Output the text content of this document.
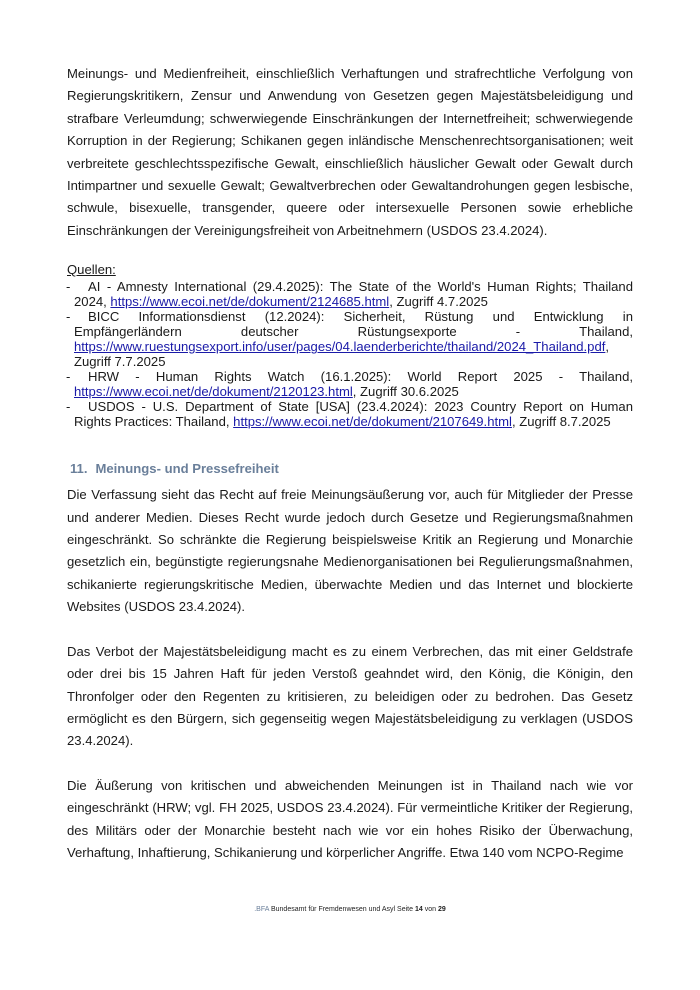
Meinungs- und Medienfreiheit, einschließlich Verhaftungen und strafrechtliche Verfolgung von Regierungskritikern, Zensur und Anwendung von Gesetzen gegen Majestätsbeleidigung und strafbare Verleumdung; schwerwiegende Einschränkungen der Internetfreiheit; schwerwiegende Korruption in der Regierung; Schikanen gegen inländische Menschenrechtsorganisationen; weit verbreitete geschlechtsspezifische Gewalt, einschließlich häuslicher Gewalt oder Gewalt durch Intimpartner und sexuelle Gewalt; Gewaltverbrechen oder Gewaltandrohungen gegen lesbische, schwule, bisexuelle, transgender, queere oder intersexuelle Personen sowie erhebliche Einschränkungen der Vereinigungsfreiheit von Arbeitnehmern (USDOS 23.4.2024).

Quellen:
- AI - Amnesty International (29.4.2025): The State of the World's Human Rights; Thailand 2024, https://www.ecoi.net/de/dokument/2124685.html, Zugriff 4.7.2025
- BICC Informationsdienst (12.2024): Sicherheit, Rüstung und Entwicklung in Empfängerländern deutscher Rüstungsexporte - Thailand, https://www.ruestungsexport.info/user/pages/04.laenderberichte/thailand/2024_Thailand.pdf, Zugriff 7.7.2025
- HRW - Human Rights Watch (16.1.2025): World Report 2025 - Thailand, https://www.ecoi.net/de/dokument/2120123.html, Zugriff 30.6.2025
- USDOS - U.S. Department of State [USA] (23.4.2024): 2023 Country Report on Human Rights Practices: Thailand, https://www.ecoi.net/de/dokument/2107649.html, Zugriff 8.7.2025
11. Meinungs- und Pressefreiheit

Die Verfassung sieht das Recht auf freie Meinungsäußerung vor, auch für Mitglieder der Presse und anderer Medien. Dieses Recht wurde jedoch durch Gesetze und Regierungsmaßnahmen eingeschränkt. So schränkte die Regierung beispielsweise Kritik an Regierung und Monarchie gesetzlich ein, begünstigte regierungsnahe Medienorganisationen bei Regulierungsmaßnahmen, schikanierte regierungskritische Medien, überwachte Medien und das Internet und blockierte Websites (USDOS 23.4.2024).

Das Verbot der Majestätsbeleidigung macht es zu einem Verbrechen, das mit einer Geldstrafe oder drei bis 15 Jahren Haft für jeden Verstoß geahndet wird, den König, die Königin, den Thronfolger oder den Regenten zu kritisieren, zu beleidigen oder zu bedrohen. Das Gesetz ermöglicht es den Bürgern, sich gegenseitig wegen Majestätsbeleidigung zu verklagen (USDOS 23.4.2024).

Die Äußerung von kritischen und abweichenden Meinungen ist in Thailand nach wie vor eingeschränkt (HRW; vgl. FH 2025, USDOS 23.4.2024). Für vermeintliche Kritiker der Regierung, des Militärs oder der Monarchie besteht nach wie vor ein hohes Risiko der Überwachung, Verhaftung, Inhaftierung, Schikanierung und körperlicher Angriffe. Etwa 140 vom NCPO-Regime

.BFA Bundesamt für Fremdenwesen und Asyl Seite 14 von 29
